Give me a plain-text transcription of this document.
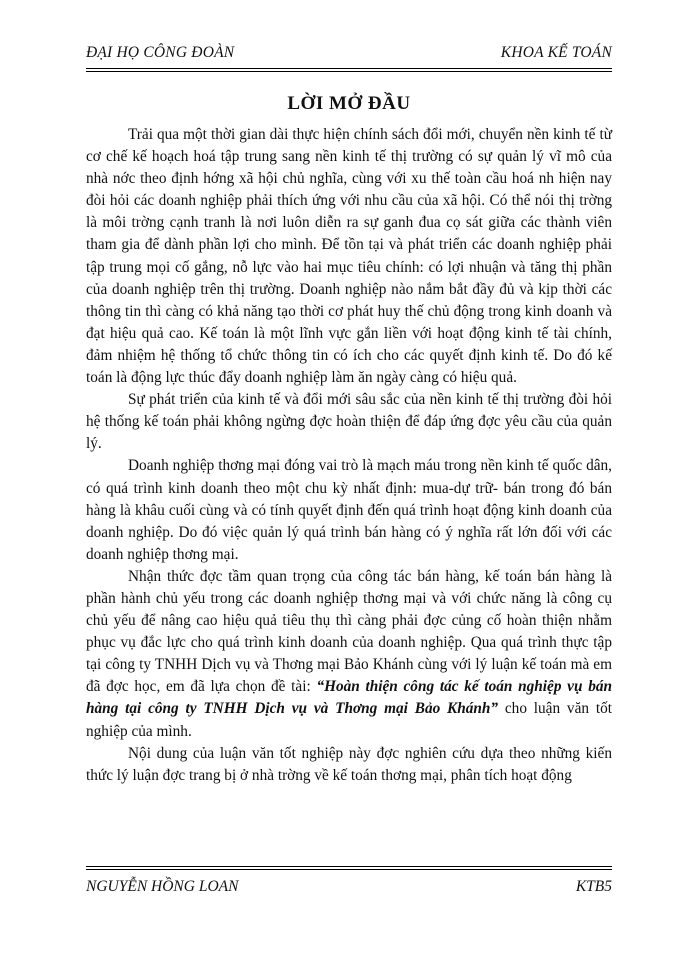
ĐẠI HỌ CÔNG ĐOÀN	KHOA KẾ TOÁN
LỜI MỞ ĐẦU

Trải qua một thời gian dài thực hiện chính sách đổi mới, chuyển nền kinh tế từ cơ chế kế hoạch hoá tập trung sang nền kinh tế thị trường có sự quản lý vĩ mô của nhà nớc theo định hớng xã hội chủ nghĩa, cùng với xu thế toàn cầu hoá nh hiện nay đòi hỏi các doanh nghiệp phải thích ứng với nhu cầu của xã hội. Có thể nói thị trờng là môi trờng cạnh tranh là nơi luôn diễn ra sự ganh đua cọ sát giữa các thành viên tham gia để dành phần lợi cho mình. Để tồn tại và phát triển các doanh nghiệp phải tập trung mọi cố gắng, nỗ lực vào hai mục tiêu chính: có lợi nhuận và tăng thị phần của doanh nghiệp trên thị trường. Doanh nghiệp nào nắm bắt đầy đủ và kịp thời các thông tin thì càng có khả năng tạo thời cơ phát huy thế chủ động trong kinh doanh và đạt hiệu quả cao. Kế toán là một lĩnh vực gắn liền với hoạt động kinh tế tài chính, đảm nhiệm hệ thống tổ chức thông tin có ích cho các quyết định kinh tế. Do đó kế toán là động lực thúc đẩy doanh nghiệp làm ăn ngày càng có hiệu quả.

Sự phát triển của kinh tế và đổi mới sâu sắc của nền kinh tế thị trường đòi hỏi hệ thống kế toán phải không ngừng đợc hoàn thiện để đáp ứng đợc yêu cầu của quản lý.

Doanh nghiệp thơng mại đóng vai trò là mạch máu trong nền kinh tế quốc dân, có quá trình kinh doanh theo một chu kỳ nhất định: mua-dự trữ- bán trong đó bán hàng là khâu cuối cùng và có tính quyết định đến quá trình hoạt động kinh doanh của doanh nghiệp. Do đó việc quản lý quá trình bán hàng có ý nghĩa rất lớn đối với các doanh nghiệp thơng mại.

Nhận thức đợc tầm quan trọng của công tác bán hàng, kế toán bán hàng là phần hành chủ yếu trong các doanh nghiệp thơng mại và với chức năng là công cụ chủ yếu để nâng cao hiệu quả tiêu thụ thì càng phải đợc củng cố hoàn thiện nhằm phục vụ đắc lực cho quá trình kinh doanh của doanh nghiệp. Qua quá trình thực tập tại công ty TNHH Dịch vụ và Thơng mại Bảo Khánh cùng với lý luận kế toán mà em đã đợc học, em đã lựa chọn đề tài: “Hoàn thiện công tác kế toán nghiệp vụ bán hàng tại công ty TNHH Dịch vụ và Thơng mại Bảo Khánh” cho luận văn tốt nghiệp của mình.

Nội dung của luận văn tốt nghiệp này đợc nghiên cứu dựa theo những kiến thức lý luận đợc trang bị ở nhà trờng về kế toán thơng mại, phân tích hoạt động

NGUYỄN HỒNG LOAN	KTB5
